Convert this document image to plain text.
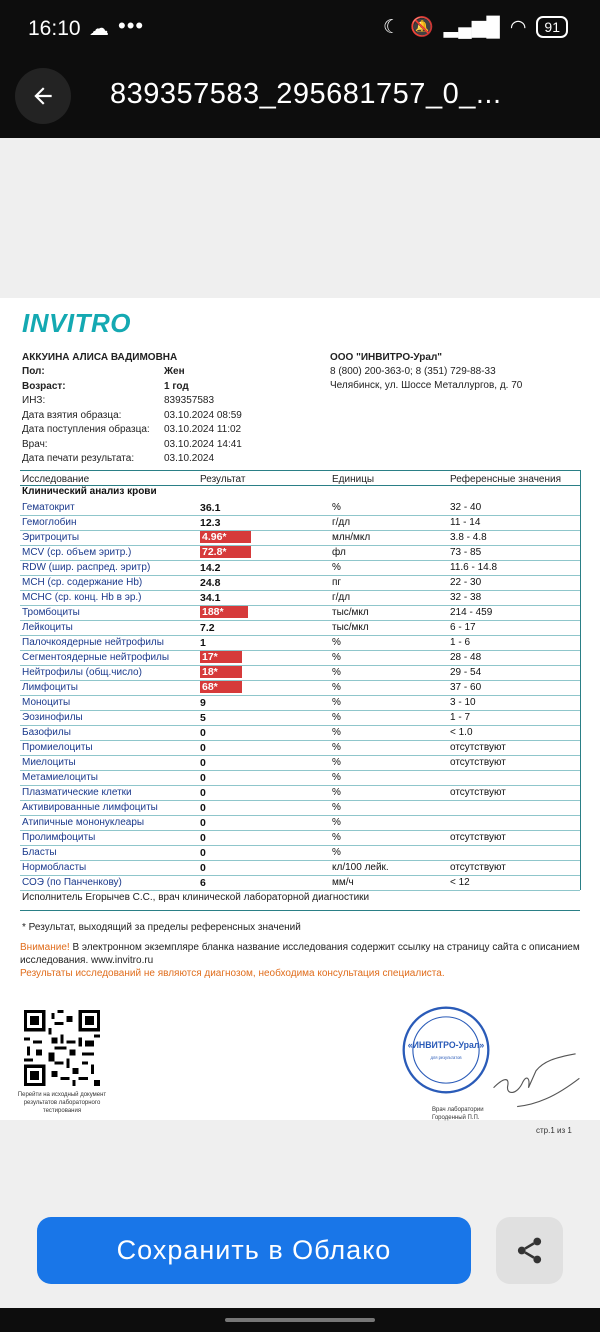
16:10 ☁ •••	☾ 🔕 ▂▄▆█ ◠	91
839357583_295681757_0_...
INVITRO
АККУИНА АЛИСА ВАДИМОВНА
Пол:	Жен
Возраст:	1 год
ИНЗ:	839357583
Дата взятия образца:	03.10.2024 08:59
Дата поступления образца: 03.10.2024 11:02
Врач:	03.10.2024 14:41
Дата печати результата:	03.10.2024
ООО "ИНВИТРО-Урал"
8 (800) 200-363-0; 8 (351) 729-88-33
Челябинск, ул. Шоссе Металлургов, д. 70
Исследование	Результат	Единицы	Референсные значения
Клинический анализ крови
Гематокрит	36.1	%	32 - 40
Гемоглобин	12.3	г/дл	11 - 14
Эритроциты	4.96*	млн/мкл	3.8 - 4.8
MCV (ср. объем эритр.)	72.8*	фл	73 - 85
RDW (шир. распред. эритр)	14.2	%	11.6 - 14.8
MCH (ср. содержание Hb)	24.8	пг	22 - 30
MCHC (ср. конц. Hb в эр.)	34.1	г/дл	32 - 38
Тромбоциты	188*	тыс/мкл	214 - 459
Лейкоциты	7.2	тыс/мкл	6 - 17
Палочкоядерные нейтрофилы	1	%	1 - 6
Сегментоядерные нейтрофилы	17*	%	28 - 48
Нейтрофилы (общ.число)	18*	%	29 - 54
Лимфоциты	68*	%	37 - 60
Моноциты	9	%	3 - 10
Эозинофилы	5	%	1 - 7
Базофилы	0	%	< 1.0
Промиелоциты	0	%	отсутствуют
Миелоциты	0	%	отсутствуют
Метамиелоциты	0	%
Плазматические клетки	0	%	отсутствуют
Активированные лимфоциты	0	%
Атипичные мононуклеары	0	%
Пролимфоциты	0	%	отсутствуют
Бласты	0	%
Нормобласты	0	кл/100 лейк.	отсутствуют
СОЭ (по Панченкову)	6	мм/ч	< 12
Исполнитель Егорычев С.С., врач клинической лабораторной диагностики
* Результат, выходящий за пределы референсных значений
Внимание! В электронном экземпляре бланка название исследования содержит ссылку на страницу сайта с описанием
исследования. www.invitro.ru
Результаты исследований не являются диагнозом, необходима консультация специалиста.
Перейти на исходный документ результатов лабораторного тестирования
«ИНВИТРО-Урал»
для результатов
Врач лаборатории
Городенный П.П.
стр.1 из 1
Сохранить в Облако
